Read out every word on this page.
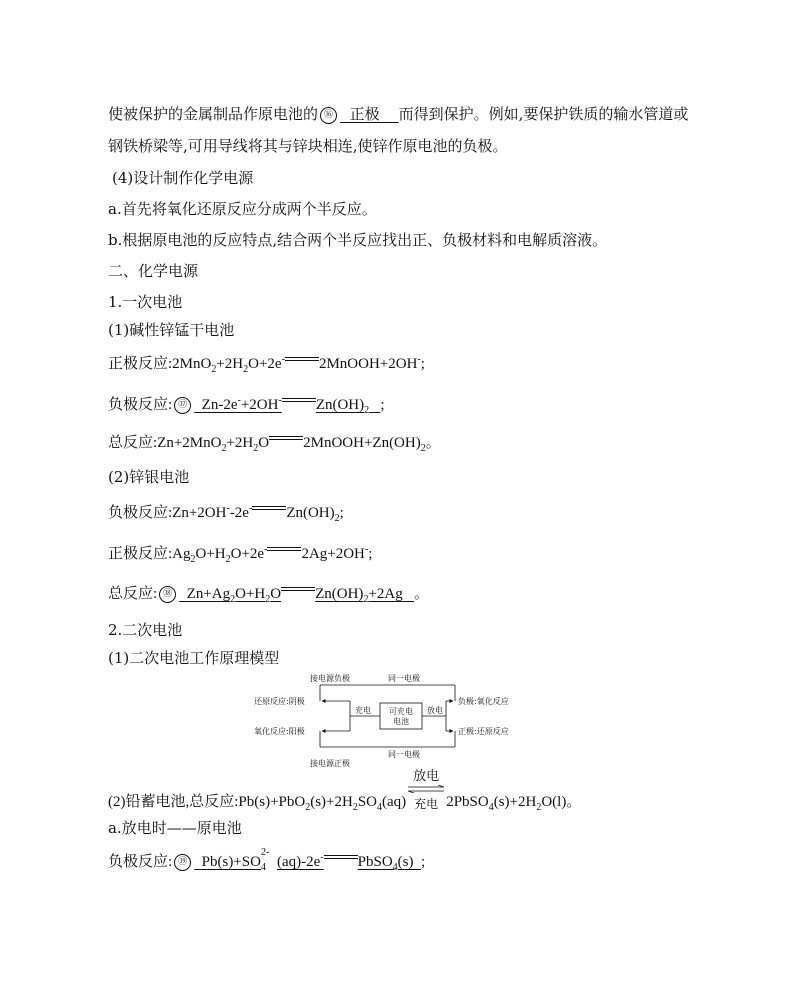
使被保护的金属制品作原电池的 ⑯ 正极 而得到保护。例如,要保护铁质的输水管道或
钢铁桥梁等,可用导线将其与锌块相连,使锌作原电池的负极。
(4)设计制作化学电源
a.首先将氧化还原反应分成两个半反应。
b.根据原电池的反应特点,结合两个半反应找出正、负极材料和电解质溶液。
二、化学电源
1.一次电池
(1)碱性锌锰干电池
正极反应$:2MnO_2+2H_2O+2e^-$ 2MnOOH+2OH-;
负极反应: ⑰ Zn-2e-+2OH- $Zn(OH)_2$ ;
总反应$:Zn+2MnO_2+2H_2O$ $2MnOOH+Zn(OH)_2$。
(2)锌银电池
负极反应:Zn+2OH--2e- $Zn(OH)_2$;
正极反应$:Ag_2O+H_2O+2e^-$ 2Ag+2OH-;
总反应: ⑱ $Zn+Ag_2O+H_2O$ $Zn(OH)_2+2Ag$ 。
2.二次电池
(1)二次电池工作原理模型
接电源负极	同一电极
还原反应:阴极
氧化反应:阳极
充电 可充电
电池
放电
负极:氧化反应
正极:还原反应
同一电极
接电源正极
(2)铅蓄电池,总反应$:Pb(s)+PbO_2(s)+2H_2SO_4(aq)$
放电
充电 $2PbSO_4(s)+2H_2O(l)$。
a.放电时——原电池
负极反应: ⑲ Pb(s)+SO
2-
4 (aq)-2e- PbSO$_4$(s) ;
